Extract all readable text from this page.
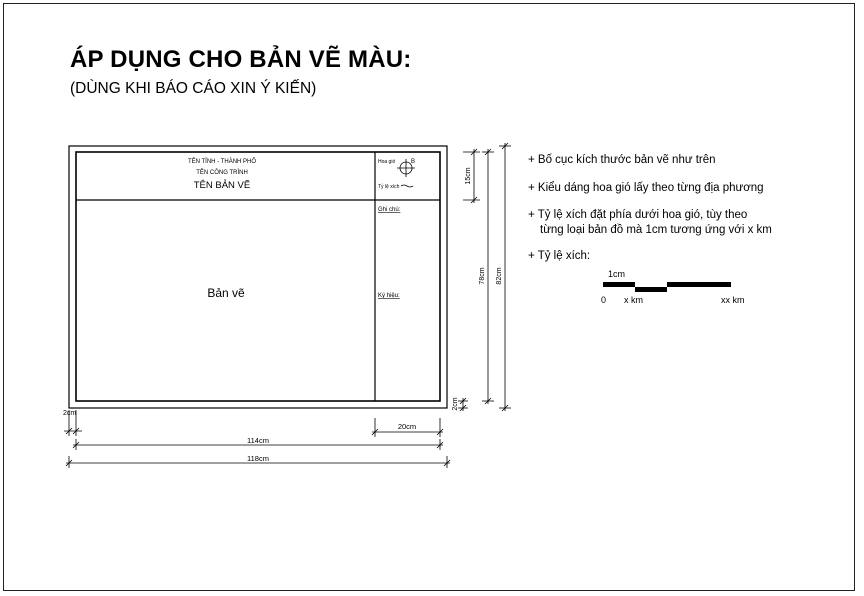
ÁP DỤNG CHO BẢN VẼ MÀU:
(DÙNG KHI BÁO CÁO XIN Ý KIẾN)
TÊN TỈNH - THÀNH PHỐ
TÊN CÔNG TRÌNH
TÊN BẢN VẼ
Hoa gió	B
Tỷ lệ xích
Ghi chú:
Ký hiệu:
Bản vẽ
2cm
20cm
114cm
118cm
15cm
78cm 82cm
2cm
+ Bố cục kích thước bản vẽ như trên
+ Kiểu dáng hoa gió lấy theo từng địa phương
+ Tỷ lệ xích đặt phía dưới hoa gió, tùy theo
từng loại bản đồ mà 1cm tương ứng với x km
+ Tỷ lệ xích:
1cm
0 x km	xx km
